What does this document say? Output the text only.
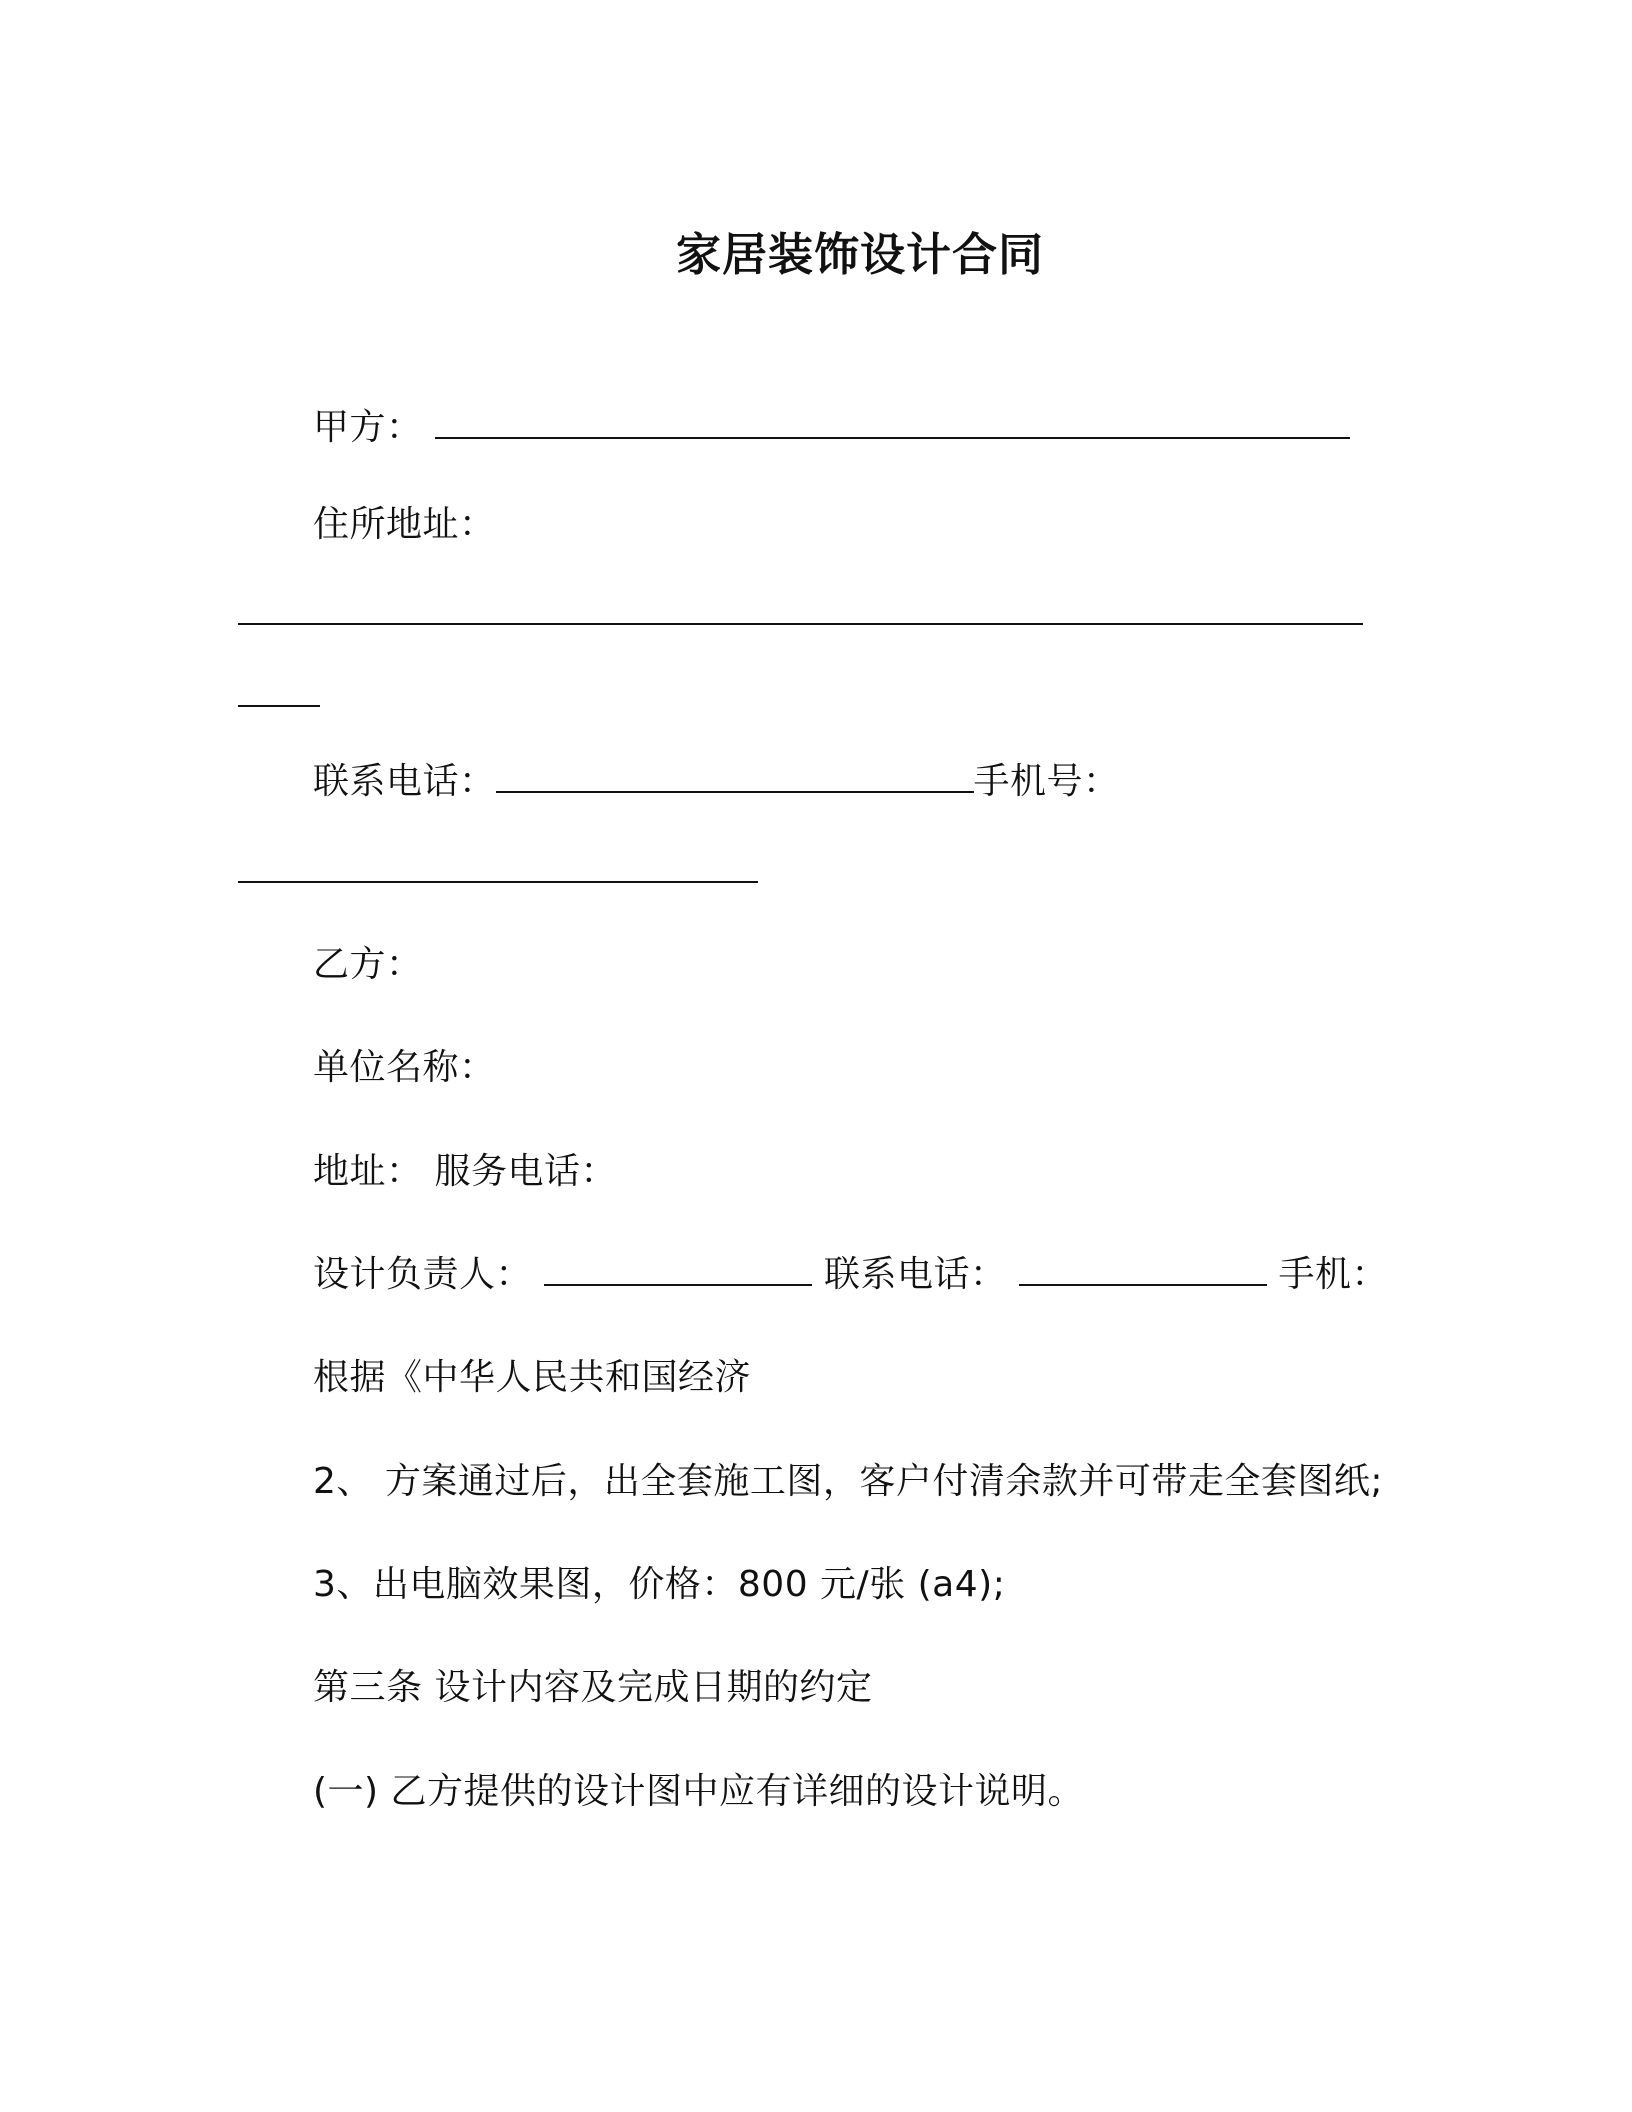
家居装饰设计合同
甲方：
住所地址：
联系电话：	手机号：
乙方：
单位名称：
地址： 服务电话：
设计负责人：	联系电话：	手机：
根据《中华人民共和国经济
2、 方案通过后，出全套施工图，客户付清余款并可带走全套图纸;
3、出电脑效果图，价格：800 元/张 (a4);
第三条 设计内容及完成日期的约定
(一) 乙方提供的设计图中应有详细的设计说明。
